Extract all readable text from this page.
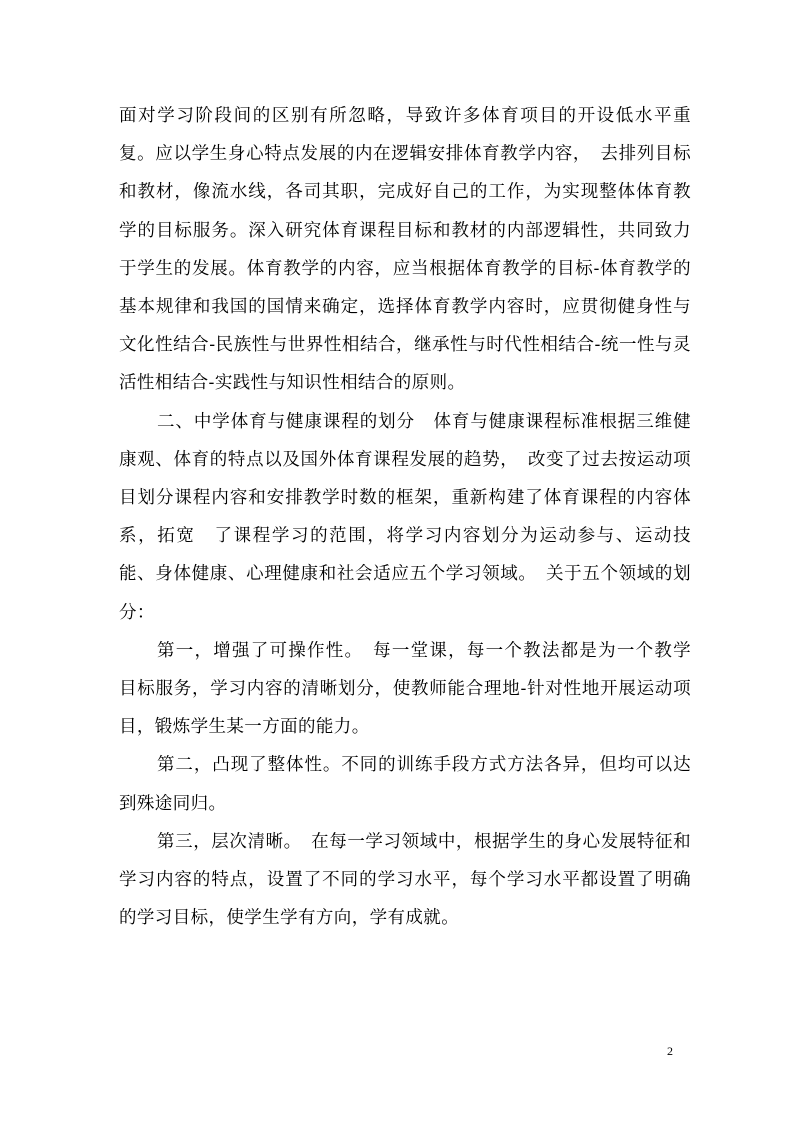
面对学习阶段间的区别有所忽略，导致许多体育项目的开设低水平重复。应以学生身心特点发展的内在逻辑安排体育教学内容，　去排列目标和教材，像流水线，各司其职，完成好自己的工作，为实现整体体育教学的目标服务。深入研究体育课程目标和教材的内部逻辑性，共同致力于学生的发展。体育教学的内容，应当根据体育教学的目标-体育教学的基本规律和我国的国情来确定，选择体育教学内容时，应贯彻健身性与文化性结合-民族性与世界性相结合，继承性与时代性相结合-统一性与灵活性相结合-实践性与知识性相结合的原则。

二、中学体育与健康课程的划分　体育与健康课程标准根据三维健康观、体育的特点以及国外体育课程发展的趋势，　改变了过去按运动项目划分课程内容和安排教学时数的框架，重新构建了体育课程的内容体系，拓宽　了课程学习的范围，将学习内容划分为运动参与、运动技能、身体健康、心理健康和社会适应五个学习领域。　关于五个领域的划分：

第一，增强了可操作性。　每一堂课，每一个教法都是为一个教学　目标服务，学习内容的清晰划分，使教师能合理地-针对性地开展运动项目，锻炼学生某一方面的能力。

第二，凸现了整体性。不同的训练手段方式方法各异，但均可以达到殊途同归。

第三，层次清晰。　在每一学习领域中，根据学生的身心发展特征和学习内容的特点，设置了不同的学习水平，每个学习水平都设置了明确的学习目标，使学生学有方向，学有成就。

2
